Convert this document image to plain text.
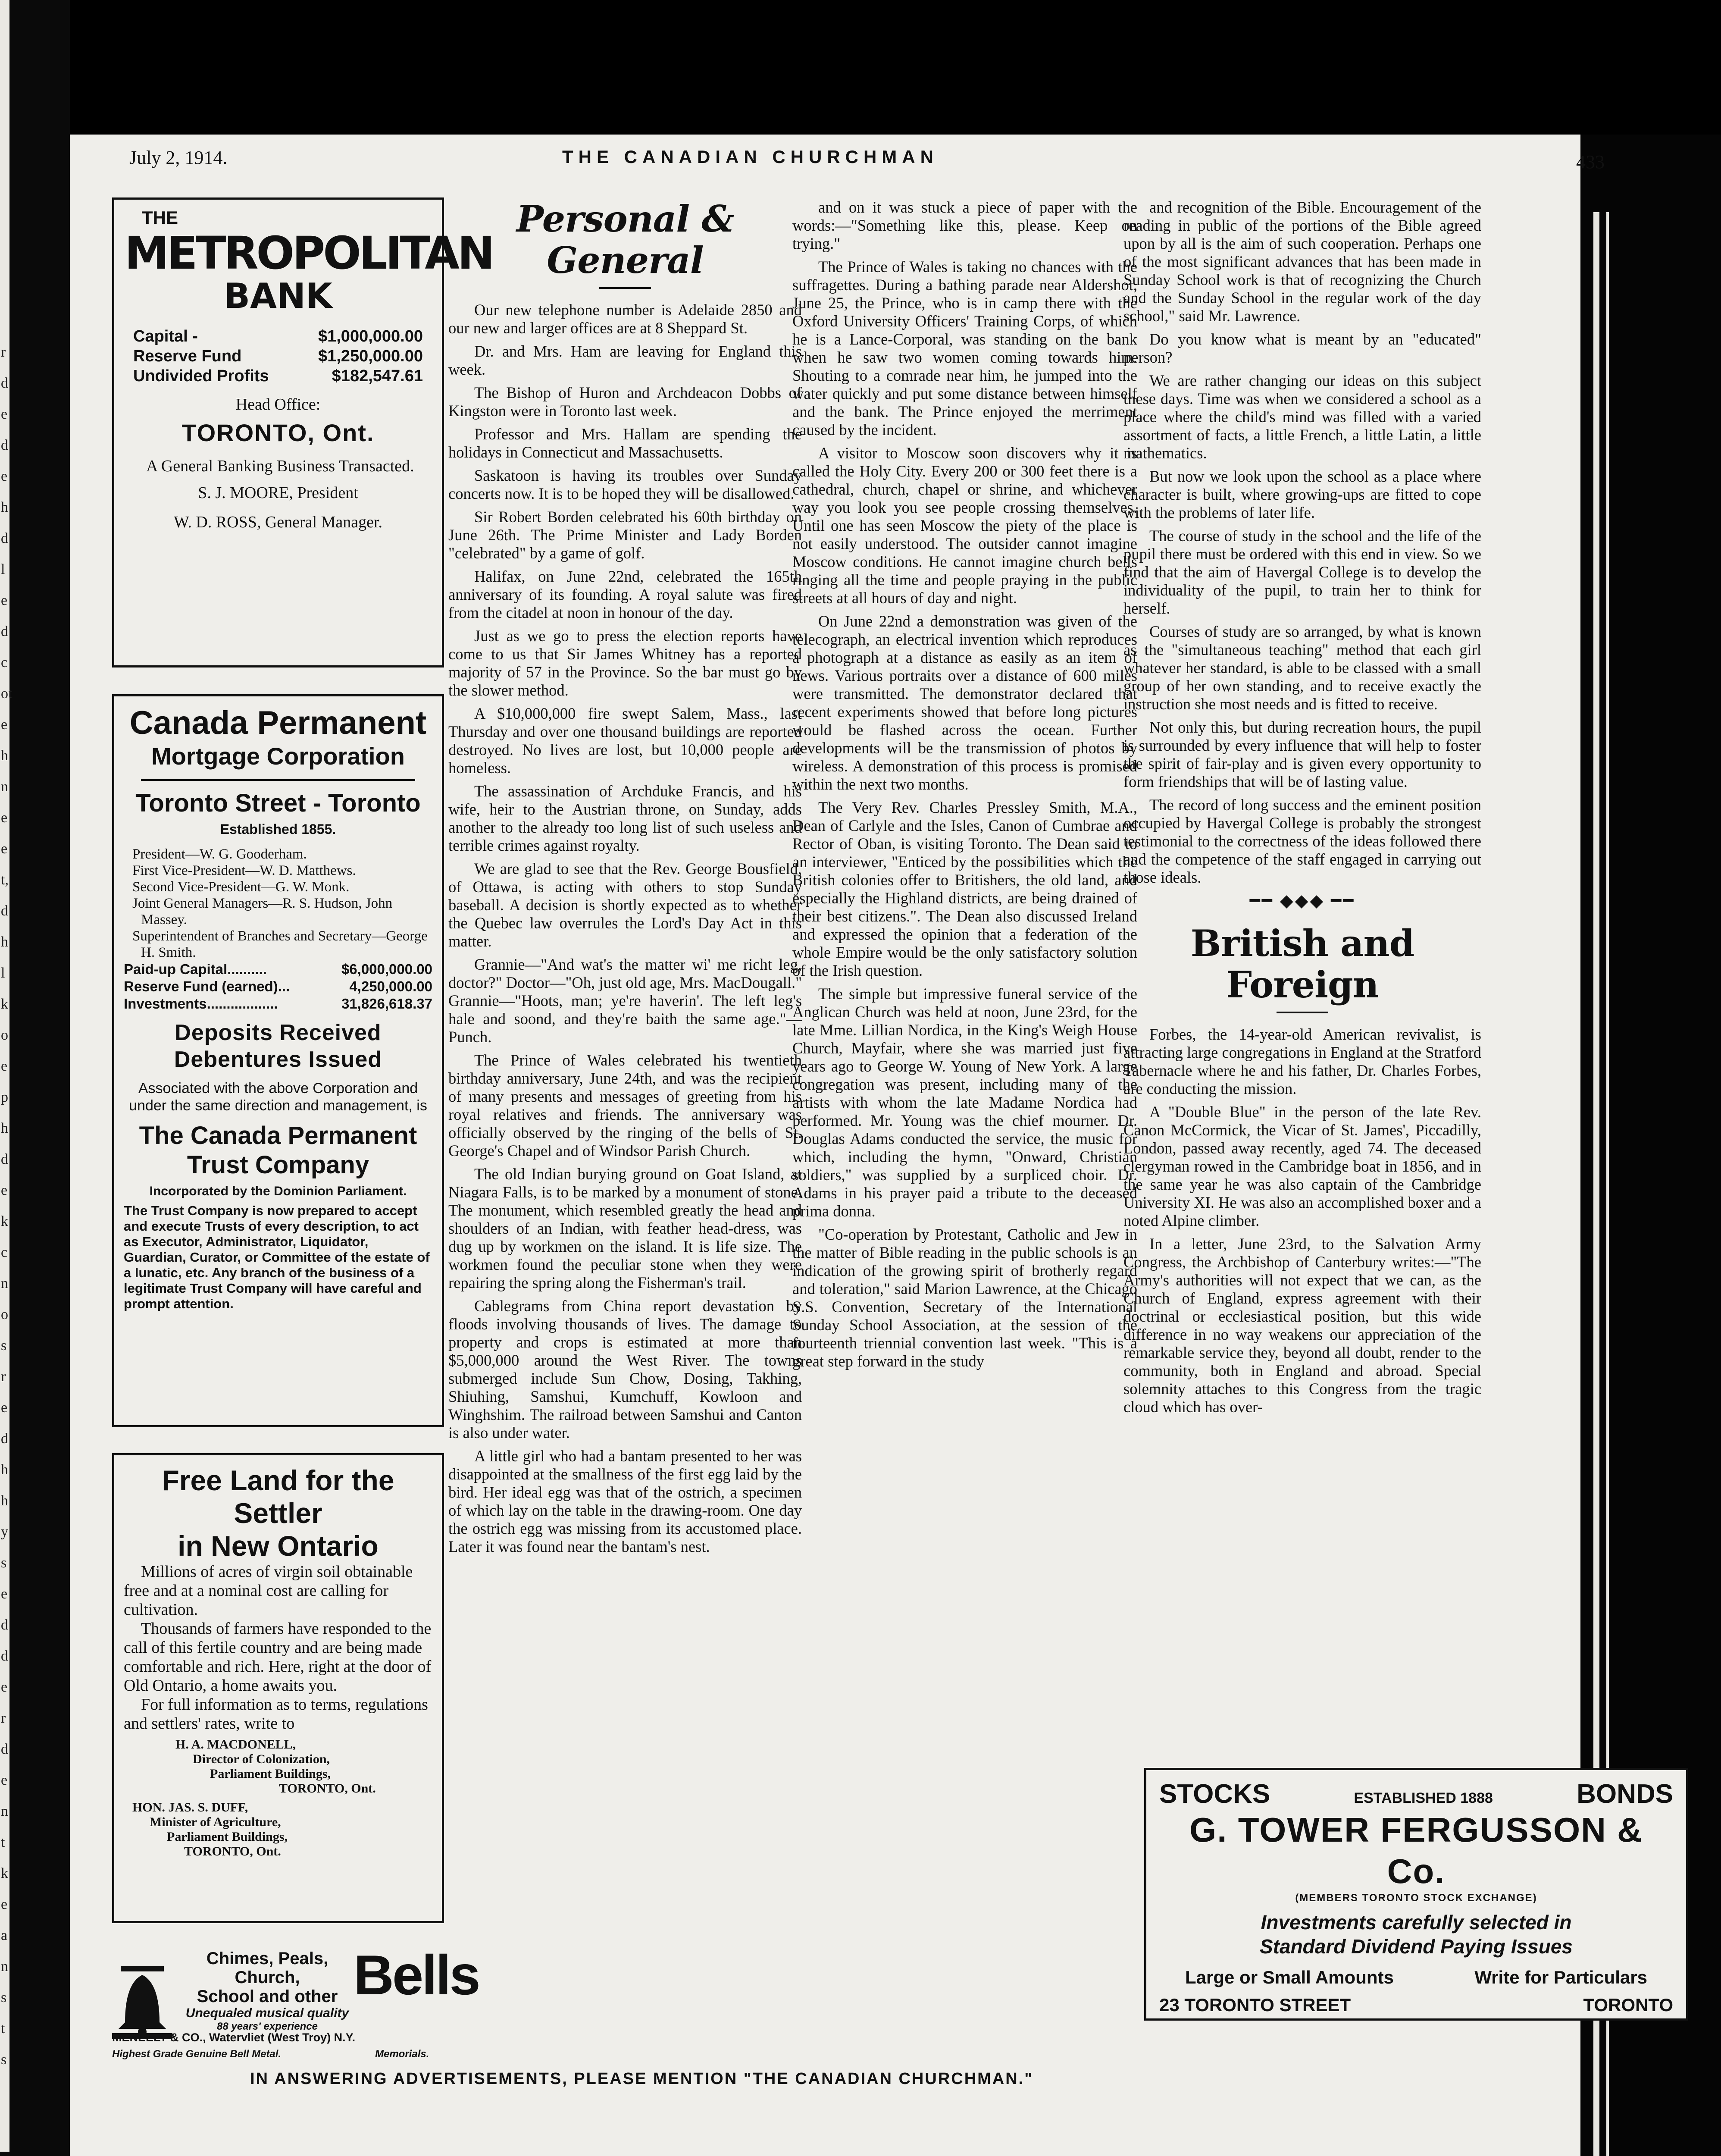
r
d
e
d
e
h
d
l
e
d
c
ot
e
h
n
e
e
t,
d
h
l
k
o
e
p
h
d
e
k
c
n
o
s
r
e
d
h
h
y
s
e
d
d
e
r
d
e
n
t
k
e
a
n
s
t
s
July 2, 1914.	THE CANADIAN CHURCHMAN	433
THE
METROPOLITAN
BANK
Capital -	$1,000,000.00
Reserve Fund	$1,250,000.00
Undivided Profits	$182,547.61
Head Office:
TORONTO, Ont.
A General Banking Business Transacted.
S. J. MOORE, President
W. D. ROSS, General Manager.
Canada Permanent
Mortgage Corporation
Toronto Street - Toronto
Established 1855.
President—W. G. Gooderham.
First Vice-President—W. D. Matthews.
Second Vice-President—G. W. Monk.
Joint General Managers—R. S. Hudson, John Massey.
Superintendent of Branches and Secretary—George H. Smith.
Paid-up Capital..........	$6,000,000.00
Reserve Fund (earned)...	4,250,000.00
Investments..................	31,826,618.37
Deposits Received
Debentures Issued
Associated with the above Corporation and under the same direction and management, is
The Canada Permanent
Trust Company
Incorporated by the Dominion Parliament.
The Trust Company is now prepared to accept and execute Trusts of every description, to act as Executor, Administrator, Liquidator, Guardian, Curator, or Committee of the estate of a lunatic, etc. Any branch of the business of a legitimate Trust Company will have careful and prompt attention.
Free Land for the
Settler
in New Ontario
Millions of acres of virgin soil obtainable free and at a nominal cost are calling for cultivation.
Thousands of farmers have responded to the call of this fertile country and are being made comfortable and rich. Here, right at the door of Old Ontario, a home awaits you.
For full information as to terms, regulations and settlers' rates, write to
H. A. MACDONELL,
Director of Colonization,
Parliament Buildings,
TORONTO, Ont.
HON. JAS. S. DUFF,
Minister of Agriculture,
Parliament Buildings,
TORONTO, Ont.
Chimes, Peals, Church,
School and other
Unequaled musical quality
88 years' experience
Bells
MENEELY & CO., Watervliet (West Troy) N.Y.
Highest Grade Genuine Bell Metal.	Memorials.
Personal & General

Our new telephone number is Adelaide 2850 and our new and larger offices are at 8 Sheppard St.

Dr. and Mrs. Ham are leaving for England this week.

The Bishop of Huron and Archdeacon Dobbs of Kingston were in Toronto last week.

Professor and Mrs. Hallam are spending the holidays in Connecticut and Massachusetts.

Saskatoon is having its troubles over Sunday concerts now. It is to be hoped they will be disallowed.

Sir Robert Borden celebrated his 60th birthday on June 26th. The Prime Minister and Lady Borden "celebrated" by a game of golf.

Halifax, on June 22nd, celebrated the 165th anniversary of its founding. A royal salute was fired from the citadel at noon in honour of the day.

Just as we go to press the election reports have come to us that Sir James Whitney has a reported majority of 57 in the Province. So the bar must go by the slower method.

A $10,000,000 fire swept Salem, Mass., last Thursday and over one thousand buildings are reported destroyed. No lives are lost, but 10,000 people are homeless.

The assassination of Archduke Francis, and his wife, heir to the Austrian throne, on Sunday, adds another to the already too long list of such useless and terrible crimes against royalty.

We are glad to see that the Rev. George Bousfield, of Ottawa, is acting with others to stop Sunday baseball. A decision is shortly expected as to whether the Quebec law overrules the Lord's Day Act in this matter.

Grannie—"And wat's the matter wi' me richt leg, doctor?" Doctor—"Oh, just old age, Mrs. MacDougall." Grannie—"Hoots, man; ye're haverin'. The left leg's hale and soond, and they're baith the same age."—Punch.

The Prince of Wales celebrated his twentieth birthday anniversary, June 24th, and was the recipient of many presents and messages of greeting from his royal relatives and friends. The anniversary was officially observed by the ringing of the bells of St. George's Chapel and of Windsor Parish Church.

The old Indian burying ground on Goat Island, at Niagara Falls, is to be marked by a monument of stone. The monument, which resembled greatly the head and shoulders of an Indian, with feather head-dress, was dug up by workmen on the island. It is life size. The workmen found the peculiar stone when they were repairing the spring along the Fisherman's trail.

Cablegrams from China report devastation by floods involving thousands of lives. The damage to property and crops is estimated at more than $5,000,000 around the West River. The towns submerged include Sun Chow, Dosing, Takhing, Shiuhing, Samshui, Kumchuff, Kowloon and Winghshim. The railroad between Samshui and Canton is also under water.

A little girl who had a bantam presented to her was disappointed at the smallness of the first egg laid by the bird. Her ideal egg was that of the ostrich, a specimen of which lay on the table in the drawing-room. One day the ostrich egg was missing from its accustomed place. Later it was found near the bantam's nest.

and on it was stuck a piece of paper with the words:—"Something like this, please. Keep on trying."

The Prince of Wales is taking no chances with the suffragettes. During a bathing parade near Aldershot, June 25, the Prince, who is in camp there with the Oxford University Officers' Training Corps, of which he is a Lance-Corporal, was standing on the bank when he saw two women coming towards him. Shouting to a comrade near him, he jumped into the water quickly and put some distance between himself and the bank. The Prince enjoyed the merriment caused by the incident.

A visitor to Moscow soon discovers why it is called the Holy City. Every 200 or 300 feet there is a cathedral, church, chapel or shrine, and whichever way you look you see people crossing themselves. Until one has seen Moscow the piety of the place is not easily understood. The outsider cannot imagine Moscow conditions. He cannot imagine church bells ringing all the time and people praying in the public streets at all hours of day and night.

On June 22nd a demonstration was given of the telecograph, an electrical invention which reproduces a photograph at a distance as easily as an item of news. Various portraits over a distance of 600 miles were transmitted. The demonstrator declared that recent experiments showed that before long pictures would be flashed across the ocean. Further developments will be the transmission of photos by wireless. A demonstration of this process is promised within the next two months.

The Very Rev. Charles Pressley Smith, M.A., Dean of Carlyle and the Isles, Canon of Cumbrae and Rector of Oban, is visiting Toronto. The Dean said to an interviewer, "Enticed by the possibilities which the British colonies offer to Britishers, the old land, and especially the Highland districts, are being drained of their best citizens.". The Dean also discussed Ireland and expressed the opinion that a federation of the whole Empire would be the only satisfactory solution of the Irish question.

The simple but impressive funeral service of the Anglican Church was held at noon, June 23rd, for the late Mme. Lillian Nordica, in the King's Weigh House Church, Mayfair, where she was married just five years ago to George W. Young of New York. A large congregation was present, including many of the artists with whom the late Madame Nordica had performed. Mr. Young was the chief mourner. Dr. Douglas Adams conducted the service, the music for which, including the hymn, "Onward, Christian soldiers," was supplied by a surpliced choir. Dr. Adams in his prayer paid a tribute to the deceased prima donna.

"Co-operation by Protestant, Catholic and Jew in the matter of Bible reading in the public schools is an indication of the growing spirit of brotherly regard and toleration," said Marion Lawrence, at the Chicago S.S. Convention, Secretary of the International Sunday School Association, at the session of the fourteenth triennial convention last week. "This is a great step forward in the study

and recognition of the Bible. Encouragement of the reading in public of the portions of the Bible agreed upon by all is the aim of such cooperation. Perhaps one of the most significant advances that has been made in Sunday School work is that of recognizing the Church and the Sunday School in the regular work of the day school," said Mr. Lawrence.

Do you know what is meant by an "educated" person?

We are rather changing our ideas on this subject these days. Time was when we considered a school as a place where the child's mind was filled with a varied assortment of facts, a little French, a little Latin, a little mathematics.

But now we look upon the school as a place where character is built, where growing-ups are fitted to cope with the problems of later life.

The course of study in the school and the life of the pupil there must be ordered with this end in view. So we find that the aim of Havergal College is to develop the individuality of the pupil, to train her to think for herself.

Courses of study are so arranged, by what is known as the "simultaneous teaching" method that each girl whatever her standard, is able to be classed with a small group of her own standing, and to receive exactly the instruction she most needs and is fitted to receive.

Not only this, but during recreation hours, the pupil is surrounded by every influence that will help to foster the spirit of fair-play and is given every opportunity to form friendships that will be of lasting value.

The record of long success and the eminent position occupied by Havergal College is probably the strongest testimonial to the correctness of the ideas followed there and the competence of the staff engaged in carrying out those ideals.

━━ ◆◆◆ ━━
British and Foreign

Forbes, the 14-year-old American revivalist, is attracting large congregations in England at the Stratford Tabernacle where he and his father, Dr. Charles Forbes, are conducting the mission.

A "Double Blue" in the person of the late Rev. Canon McCormick, the Vicar of St. James', Piccadilly, London, passed away recently, aged 74. The deceased clergyman rowed in the Cambridge boat in 1856, and in the same year he was also captain of the Cambridge University XI. He was also an accomplished boxer and a noted Alpine climber.

In a letter, June 23rd, to the Salvation Army Congress, the Archbishop of Canterbury writes:—"The Army's authorities will not expect that we can, as the Church of England, express agreement with their doctrinal or ecclesiastical position, but this wide difference in no way weakens our appreciation of the remarkable service they, beyond all doubt, render to the community, both in England and abroad. Special solemnity attaches to this Congress from the tragic cloud which has over-

STOCKS	ESTABLISHED 1888	BONDS
G. TOWER FERGUSSON & Co.
(MEMBERS TORONTO STOCK EXCHANGE)
Investments carefully selected in
Standard Dividend Paying Issues
Large or Small Amounts	Write for Particulars
23 TORONTO STREET	TORONTO
IN ANSWERING ADVERTISEMENTS, PLEASE MENTION "THE CANADIAN CHURCHMAN."
